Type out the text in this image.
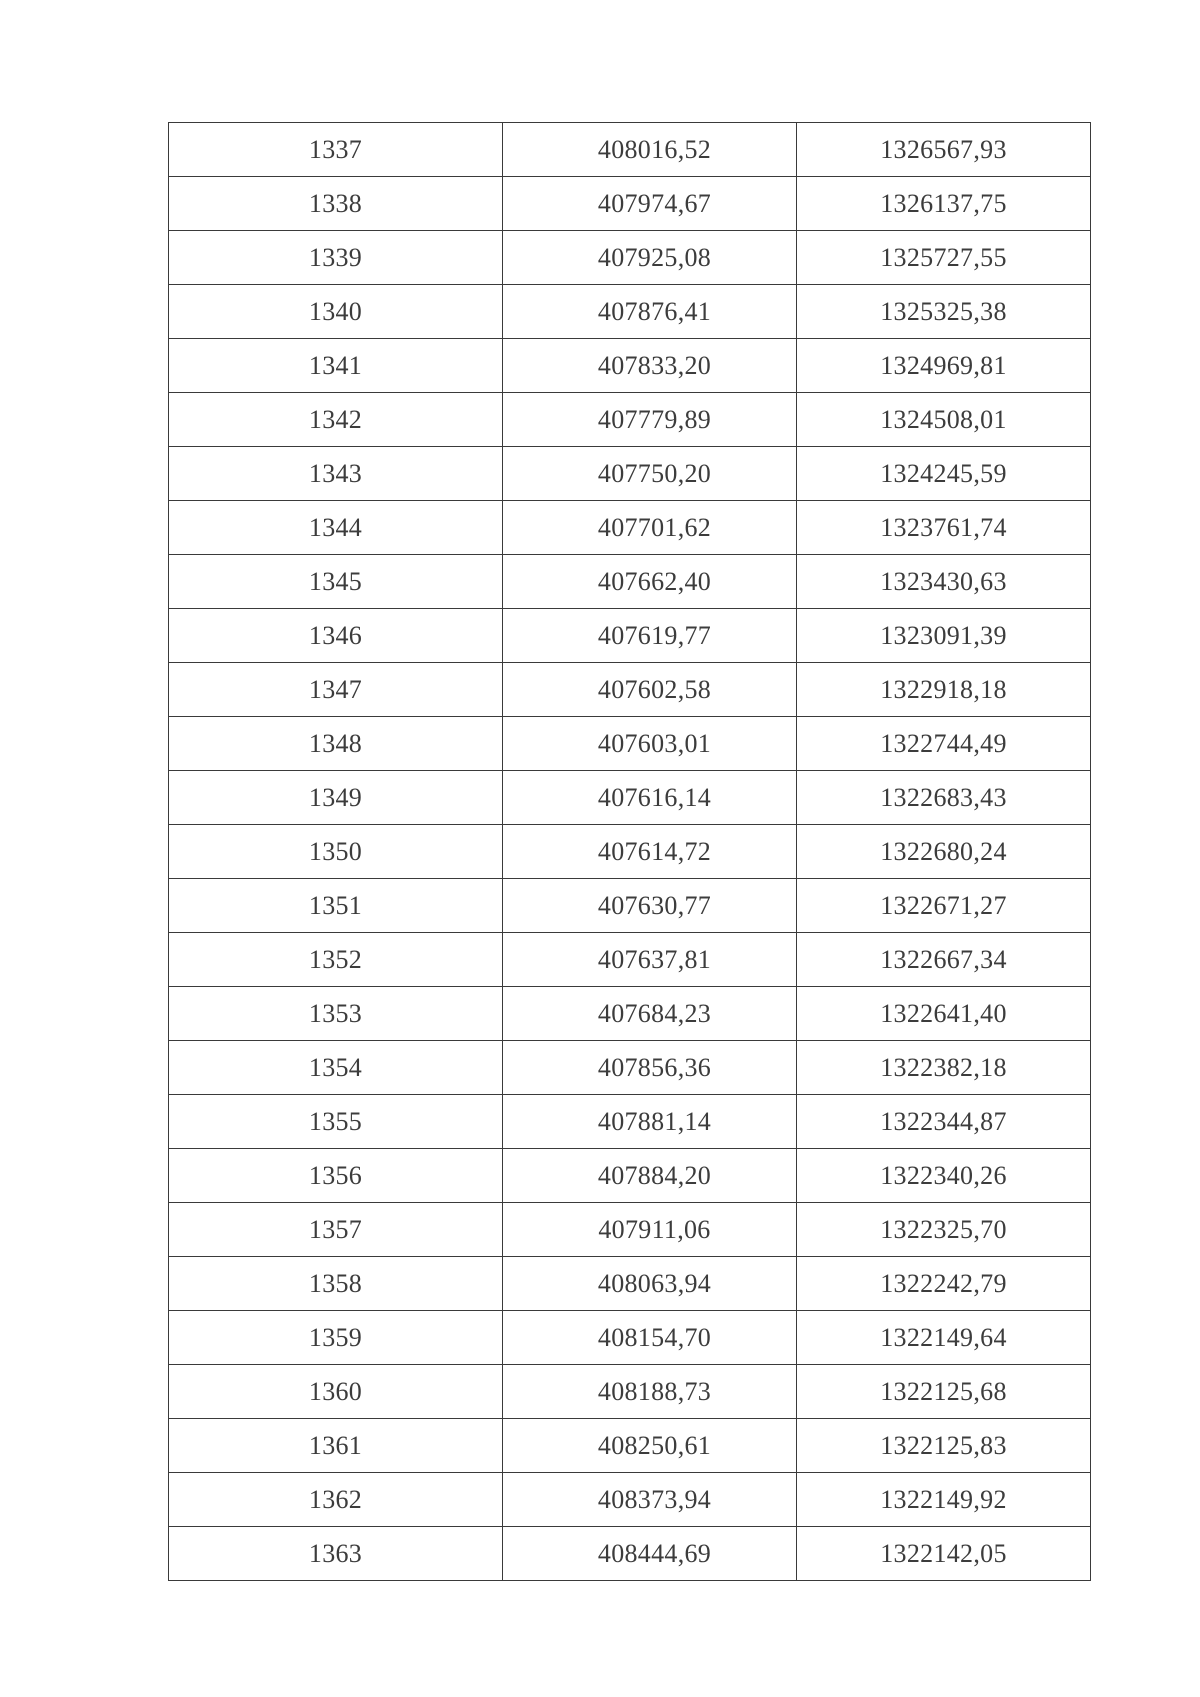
1337	408016,52	1326567,93
1338	407974,67	1326137,75
1339	407925,08	1325727,55
1340	407876,41	1325325,38
1341	407833,20	1324969,81
1342	407779,89	1324508,01
1343	407750,20	1324245,59
1344	407701,62	1323761,74
1345	407662,40	1323430,63
1346	407619,77	1323091,39
1347	407602,58	1322918,18
1348	407603,01	1322744,49
1349	407616,14	1322683,43
1350	407614,72	1322680,24
1351	407630,77	1322671,27
1352	407637,81	1322667,34
1353	407684,23	1322641,40
1354	407856,36	1322382,18
1355	407881,14	1322344,87
1356	407884,20	1322340,26
1357	407911,06	1322325,70
1358	408063,94	1322242,79
1359	408154,70	1322149,64
1360	408188,73	1322125,68
1361	408250,61	1322125,83
1362	408373,94	1322149,92
1363	408444,69	1322142,05
